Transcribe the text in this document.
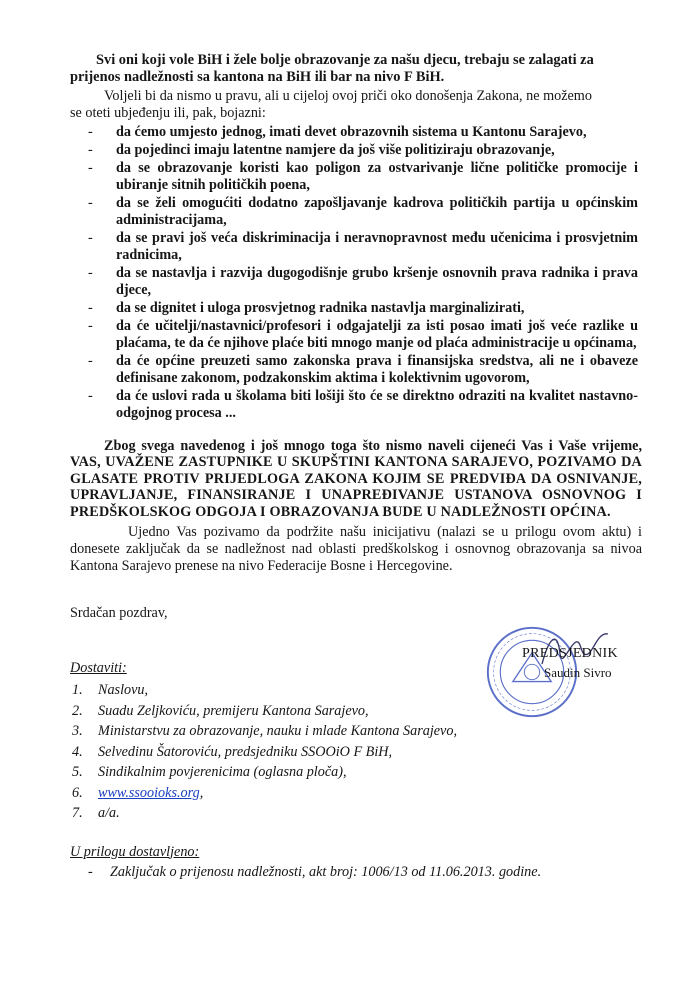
Svi oni koji vole BiH i žele bolje obrazovanje za našu djecu, trebaju se zalagati za
prijenos nadležnosti sa kantona na BiH ili bar na nivo F BiH.

Voljeli bi da nismo u pravu, ali u cijeloj ovoj priči oko donošenja Zakona, ne možemo
se oteti ubjeđenju ili, pak, bojazni:

- da ćemo umjesto jednog, imati devet obrazovnih sistema u Kantonu Sarajevo,
- da pojedinci imaju latentne namjere da još više politiziraju obrazovanje,
- da se obrazovanje koristi kao poligon za ostvarivanje lične političke promocije i ubiranje sitnih političkih poena,
- da se želi omogućiti dodatno zapošljavanje kadrova političkih partija u općinskim administracijama,
- da se pravi još veća diskriminacija i neravnopravnost među učenicima i prosvjetnim radnicima,
- da se nastavlja i razvija dugogodišnje grubo kršenje osnovnih prava radnika i prava djece,
- da se dignitet i uloga prosvjetnog radnika nastavlja marginalizirati,
- da će učitelji/nastavnici/profesori i odgajatelji za isti posao imati još veće razlike u plaćama, te da će njihove plaće biti mnogo manje od plaća administracije u općinama,
- da će općine preuzeti samo zakonska prava i finansijska sredstva, ali ne i obaveze definisane zakonom, podzakonskim aktima i kolektivnim ugovorom,
- da će uslovi rada u školama biti lošiji što će se direktno odraziti na kvalitet nastavno-odgojnog procesa ...

Zbog svega navedenog i još mnogo toga što nismo naveli cijeneći Vas i Vaše vrijeme, VAS, UVAŽENE ZASTUPNIKE U SKUPŠTINI KANTONA SARAJEVO, POZIVAMO DA GLASATE PROTIV PRIJEDLOGA ZAKONA KOJIM SE PREDVIĐA DA OSNIVANJE, UPRAVLJANJE, FINANSIRANJE I UNAPREĐIVANJE USTANOVA OSNOVNOG I PREDŠKOLSKOG ODGOJA I OBRAZOVANJA BUDE U NADLEŽNOSTI OPĆINA.

Ujedno Vas pozivamo da podržite našu inicijativu (nalazi se u prilogu ovom aktu) i donesete zaključak da se nadležnost nad oblasti predškolskog i osnovnog obrazovanja sa nivoa Kantona Sarajevo prenese na nivo Federacije Bosne i Hercegovine.

Srdačan pozdrav,

Dostaviti:
1. Naslovu,
2. Suadu Zeljkoviću, premijeru Kantona Sarajevo,
3. Ministarstvu za obrazovanje, nauku i mlade Kantona Sarajevo,
4. Selvedinu Šatoroviću, predsjedniku SSOOiO F BiH,
5. Sindikalnim povjerenicima (oglasna ploča),
6. www.ssooioks.org,
7. a/a.
U prilogu dostavljeno:
- Zaključak o prijenosu nadležnosti, akt broj: 1006/13 od 11.06.2013. godine.
PREDSJEDNIK
Saudin Sivro
